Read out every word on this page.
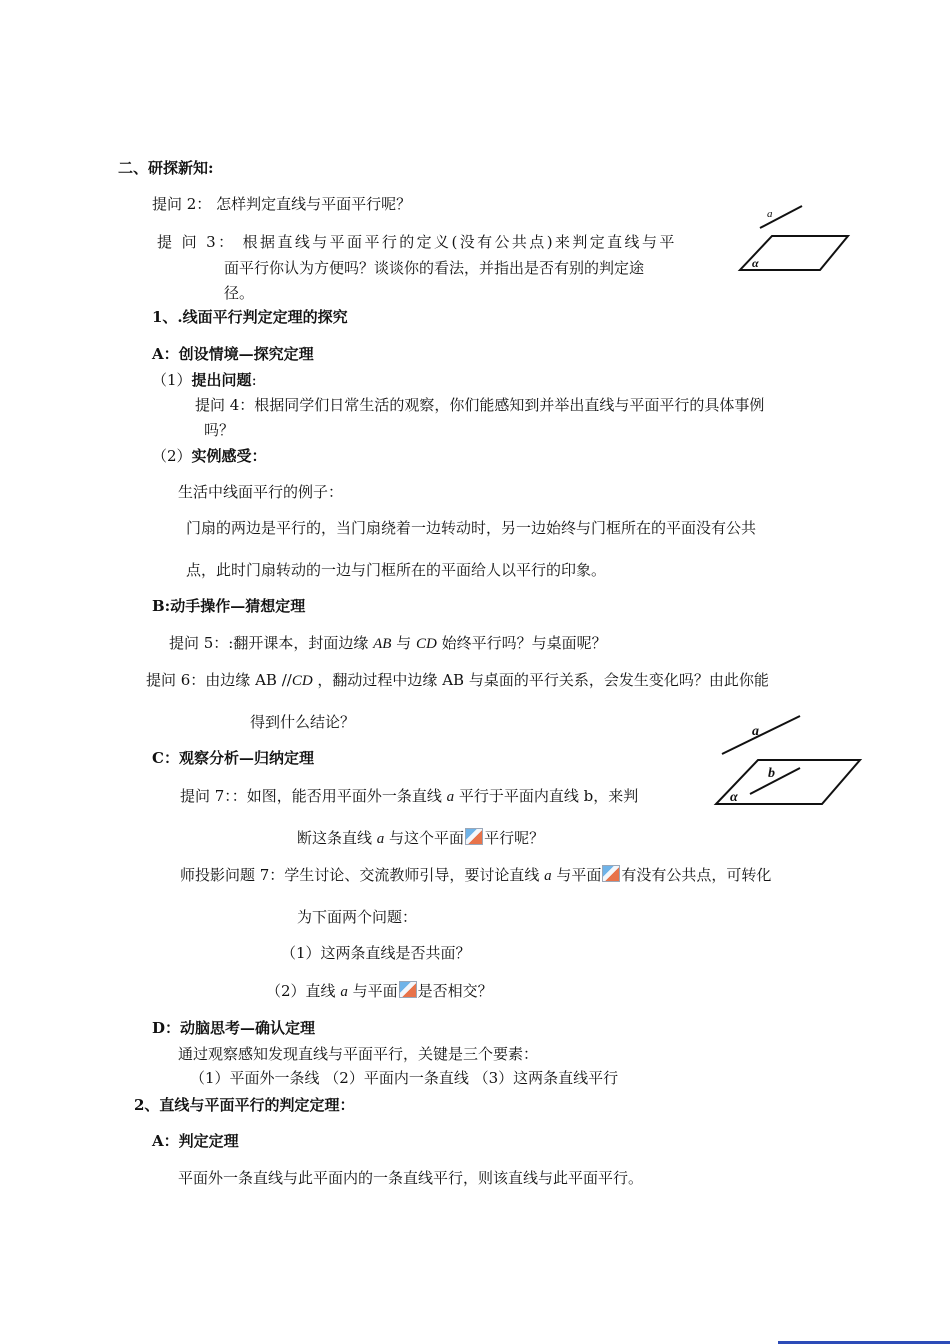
二、研探新知:
提问 2： 怎样判定直线与平面平行呢？
提 问 3： 根据直线与平面平行的定义(没有公共点)来判定直线与平
面平行你认为方便吗？谈谈你的看法，并指出是否有别的判定途
径。
a
α
1、.线面平行判定定理的探究
A：创设情境—探究定理
（1）提出问题:
提问 4：根据同学们日常生活的观察，你们能感知到并举出直线与平面平行的具体事例
吗？
（2）实例感受：
生活中线面平行的例子：
门扇的两边是平行的，当门扇绕着一边转动时，另一边始终与门框所在的平面没有公共
点，此时门扇转动的一边与门框所在的平面给人以平行的印象。
B:动手操作—猜想定理
提问 5：:翻开课本，封面边缘 AB 与 CD 始终平行吗？与桌面呢？
提问 6：由边缘 AB //CD ，翻动过程中边缘 AB 与桌面的平行关系，会发生变化吗？由此你能
得到什么结论？
a
b
α
C：观察分析—归纳定理
提问 7：：如图，能否用平面外一条直线 a 平行于平面内直线 b，来判
断这条直线 a 与这个平面 平行呢？
师投影问题 7：学生讨论、交流教师引导，要讨论直线 a 与平面 有没有公共点，可转化
为下面两个问题：
（1）这两条直线是否共面？
（2）直线 a 与平面 是否相交？
D：动脑思考—确认定理
通过观察感知发现直线与平面平行，关键是三个要素：
（1）平面外一条线 （2）平面内一条直线 （3）这两条直线平行
2、直线与平面平行的判定定理：
A：判定定理
平面外一条直线与此平面内的一条直线平行，则该直线与此平面平行。
